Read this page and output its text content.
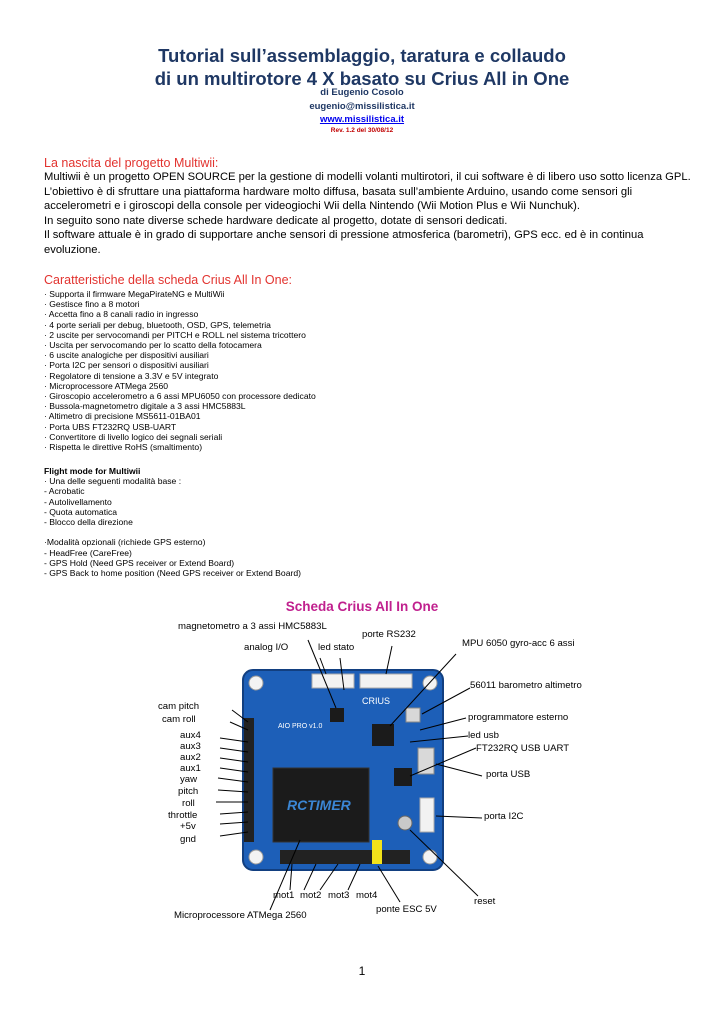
Tutorial sull’assemblaggio, taratura e collaudo
di un multirotore 4 X basato su Crius All in One
di Eugenio Cosolo
eugenio@missilistica.it
www.missilistica.it
Rev. 1.2 del 30/08/12
La nascita del progetto Multiwii:

Multiwii è un progetto OPEN SOURCE per la gestione di modelli volanti multirotori, il cui software è di libero uso sotto licenza GPL.

L’obiettivo è di sfruttare una piattaforma hardware molto diffusa, basata sull’ambiente Arduino, usando come sensori gli accelerometri e i giroscopi della console per videogiochi Wii della Nintendo (Wii Motion Plus e Wii Nunchuk).

In seguito sono nate diverse schede hardware dedicate al progetto, dotate di sensori dedicati.

Il software attuale è in grado di supportare anche sensori di pressione atmosferica (barometri), GPS ecc. ed è in continua evoluzione.

Caratteristiche della scheda Crius All In One:
· Supporta il firmware MegaPirateNG e MultiWii
· Gestisce fino a 8 motori
· Accetta fino a 8 canali radio in ingresso
· 4 porte seriali per debug, bluetooth, OSD, GPS, telemetria
· 2 uscite per servocomandi per PITCH e ROLL nel sistema tricottero
· Uscita per servocomando per lo scatto della fotocamera
· 6 uscite analogiche per dispositivi ausiliari
· Porta I2C per sensori o dispositivi ausiliari
· Regolatore di tensione a 3.3V e 5V integrato
· Microprocessore ATMega 2560
· Giroscopio accelerometro a 6 assi MPU6050 con processore dedicato
· Bussola-magnetometro digitale a 3 assi HMC5883L
· Altimetro di precisione MS5611-01BA01
· Porta UBS FT232RQ USB-UART
· Convertitore di livello logico dei segnali seriali
· Rispetta le direttive RoHS (smaltimento)
Flight mode for Multiwii
· Una delle seguenti modalità base :
- Acrobatic
- Autolivellamento
- Quota automatica
- Blocco della direzione
·Modalità opzionali (richiede GPS esterno)
- HeadFree (CareFree)
- GPS Hold (Need GPS receiver or Extend Board)
- GPS Back to home position (Need GPS receiver or Extend Board)
Scheda Crius All In One
CRIUS
AIO PRO v1.0
RCTIMER
cam pitch
cam roll
aux4
aux3
aux2
aux1
yaw
pitch
roll
throttle
+5v
gnd
magnetometro a 3 assi HMC5883L
porte RS232
analog I/O	led stato	MPU 6050 gyro-acc 6 assi
56011 barometro altimetro
programmatore esterno
led usb
FT232RQ USB UART
porta USB
porta I2C
mot1 mot2 mot3 mot4
ponte ESC 5V
reset
Microprocessore ATMega 2560
1
